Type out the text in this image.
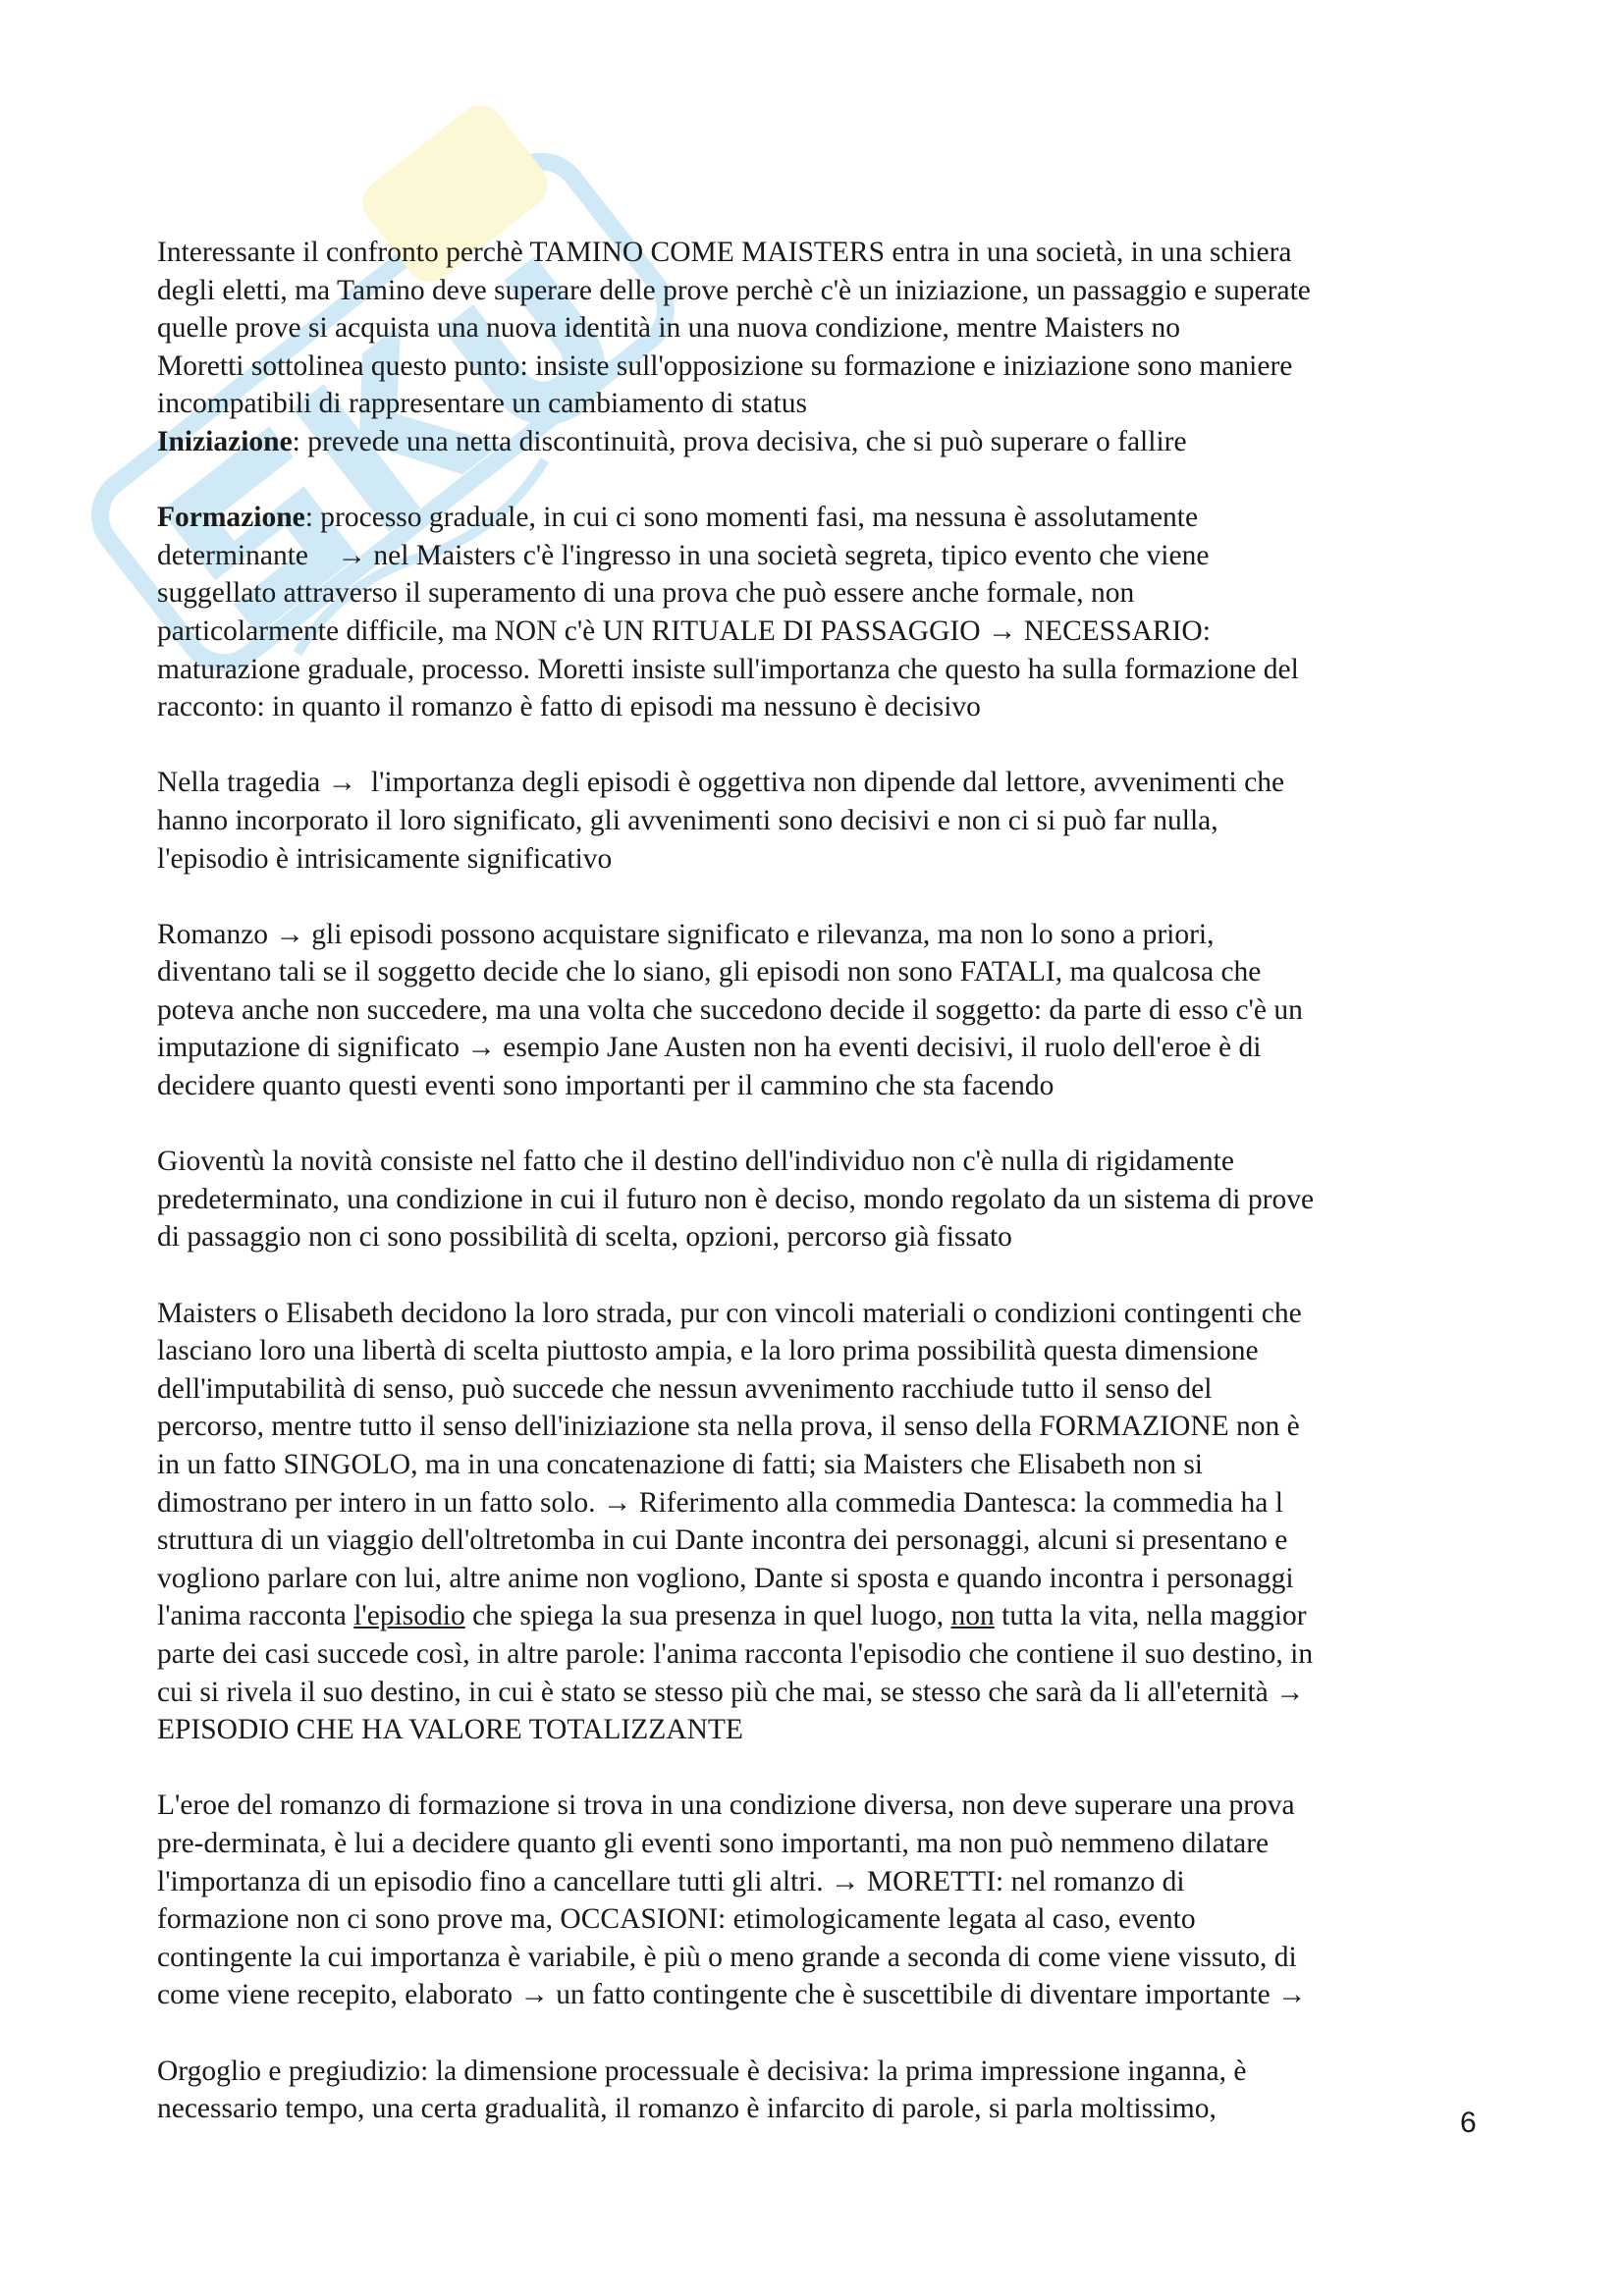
Interessante il confronto perchè TAMINO COME MAISTERS entra in una società, in una schiera
degli eletti, ma Tamino deve superare delle prove perchè c'è un iniziazione, un passaggio e superate
quelle prove si acquista una nuova identità in una nuova condizione, mentre Maisters no
Moretti sottolinea questo punto: insiste sull'opposizione su formazione e iniziazione sono maniere
incompatibili di rappresentare un cambiamento di status

Iniziazione: prevede una netta discontinuità, prova decisiva, che si può superare o fallire

Formazione: processo graduale, in cui ci sono momenti fasi, ma nessuna è assolutamente
determinante    → nel Maisters c'è l'ingresso in una società segreta, tipico evento che viene
suggellato attraverso il superamento di una prova che può essere anche formale, non
particolarmente difficile, ma NON c'è UN RITUALE DI PASSAGGIO → NECESSARIO:
maturazione graduale, processo. Moretti insiste sull'importanza che questo ha sulla formazione del
racconto: in quanto il romanzo è fatto di episodi ma nessuno è decisivo

Nella tragedia →  l'importanza degli episodi è oggettiva non dipende dal lettore, avvenimenti che
hanno incorporato il loro significato, gli avvenimenti sono decisivi e non ci si può far nulla,
l'episodio è intrisicamente significativo

Romanzo → gli episodi possono acquistare significato e rilevanza, ma non lo sono a priori,
diventano tali se il soggetto decide che lo siano, gli episodi non sono FATALI, ma qualcosa che
poteva anche non succedere, ma una volta che succedono decide il soggetto: da parte di esso c'è un
imputazione di significato → esempio Jane Austen non ha eventi decisivi, il ruolo dell'eroe è di
decidere quanto questi eventi sono importanti per il cammino che sta facendo

Gioventù la novità consiste nel fatto che il destino dell'individuo non c'è nulla di rigidamente
predeterminato, una condizione in cui il futuro non è deciso, mondo regolato da un sistema di prove
di passaggio non ci sono possibilità di scelta, opzioni, percorso già fissato

Maisters o Elisabeth decidono la loro strada, pur con vincoli materiali o condizioni contingenti che
lasciano loro una libertà di scelta piuttosto ampia, e la loro prima possibilità questa dimensione
dell'imputabilità di senso, può succede che nessun avvenimento racchiude tutto il senso del
percorso, mentre tutto il senso dell'iniziazione sta nella prova, il senso della FORMAZIONE non è
in un fatto SINGOLO, ma in una concatenazione di fatti; sia Maisters che Elisabeth non si
dimostrano per intero in un fatto solo. → Riferimento alla commedia Dantesca: la commedia ha l
struttura di un viaggio dell'oltretomba in cui Dante incontra dei personaggi, alcuni si presentano e
vogliono parlare con lui, altre anime non vogliono, Dante si sposta e quando incontra i personaggi
l'anima racconta l'episodio che spiega la sua presenza in quel luogo, non tutta la vita, nella maggior
parte dei casi succede così, in altre parole: l'anima racconta l'episodio che contiene il suo destino, in
cui si rivela il suo destino, in cui è stato se stesso più che mai, se stesso che sarà da li all'eternità →
EPISODIO CHE HA VALORE TOTALIZZANTE

L'eroe del romanzo di formazione si trova in una condizione diversa, non deve superare una prova
pre-derminata, è lui a decidere quanto gli eventi sono importanti, ma non può nemmeno dilatare
l'importanza di un episodio fino a cancellare tutti gli altri. → MORETTI: nel romanzo di
formazione non ci sono prove ma, OCCASIONI: etimologicamente legata al caso, evento
contingente la cui importanza è variabile, è più o meno grande a seconda di come viene vissuto, di
come viene recepito, elaborato → un fatto contingente che è suscettibile di diventare importante →

Orgoglio e pregiudizio: la dimensione processuale è decisiva: la prima impressione inganna, è
necessario tempo, una certa gradualità, il romanzo è infarcito di parole, si parla moltissimo,	6
